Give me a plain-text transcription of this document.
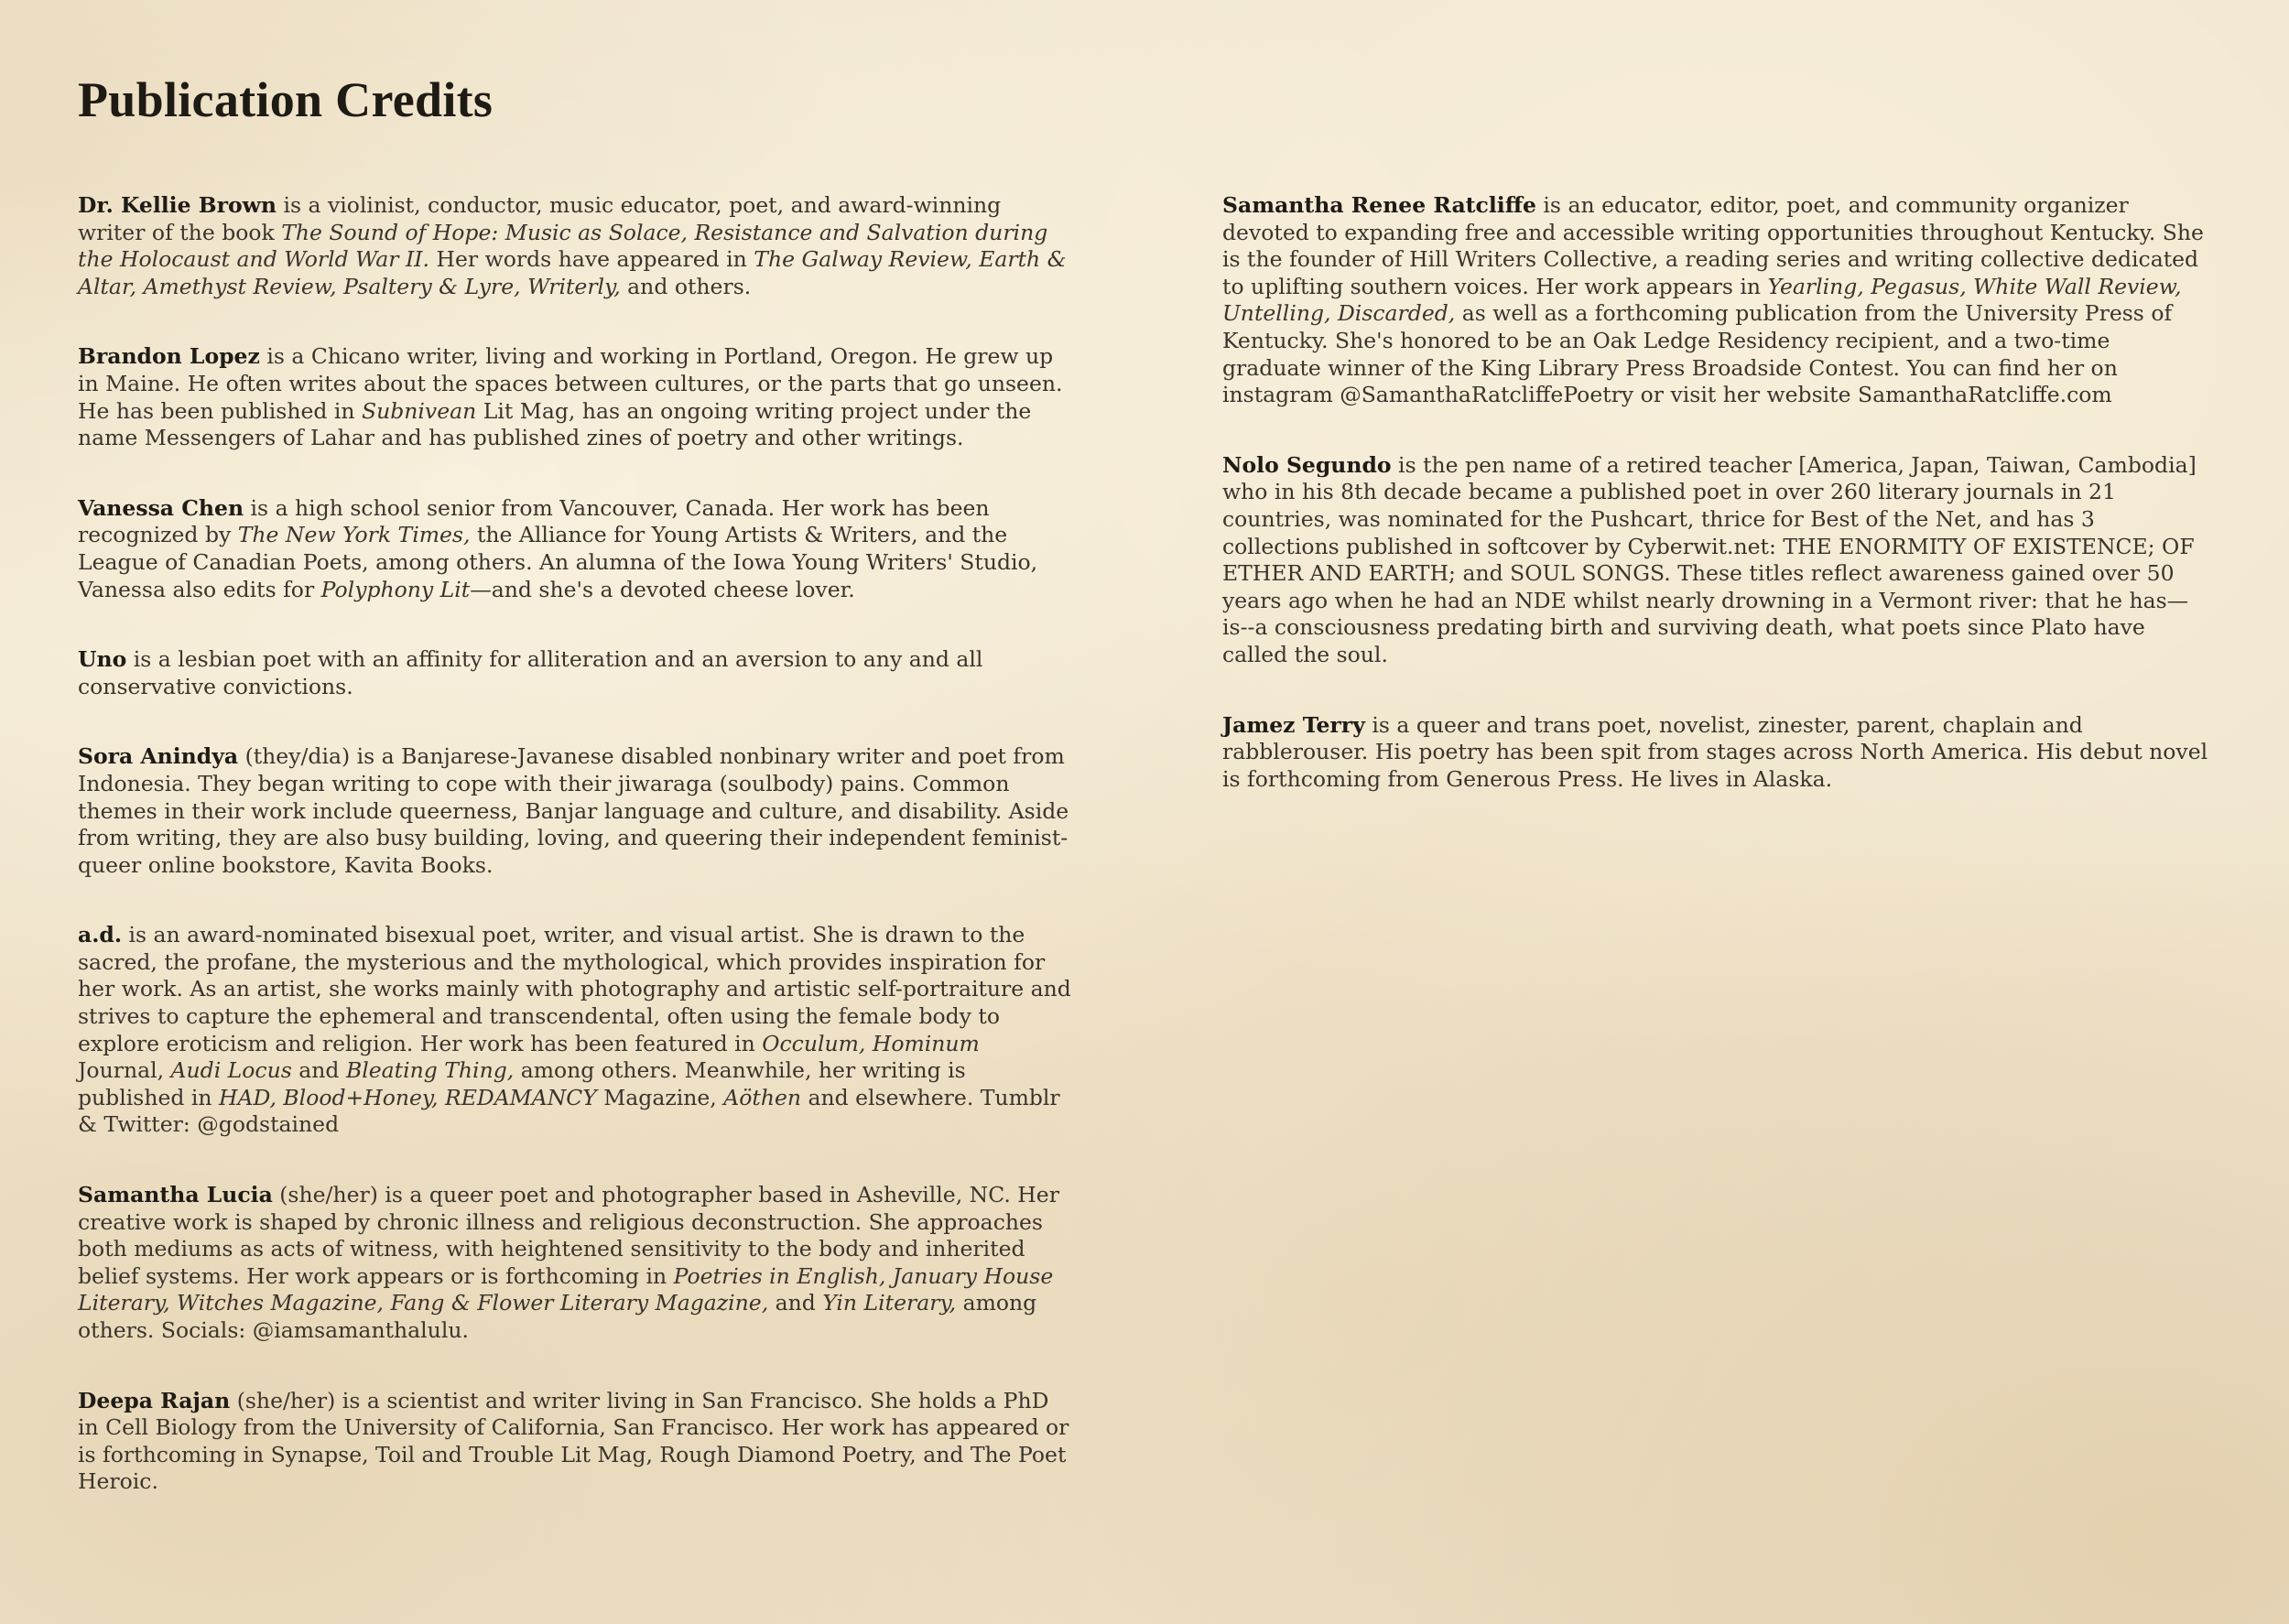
Publication Credits

Dr. Kellie Brown is a violinist, conductor, music educator, poet, and award-winning writer of the book The Sound of Hope: Music as Solace, Resistance and Salvation during the Holocaust and World War II. Her words have appeared in The Galway Review, Earth & Altar, Amethyst Review, Psaltery & Lyre, Writerly, and others.

Brandon Lopez is a Chicano writer, living and working in Portland, Oregon. He grew up in Maine. He often writes about the spaces between cultures, or the parts that go unseen. He has been published in Subnivean Lit Mag, has an ongoing writing project under the name Messengers of Lahar and has published zines of poetry and other writings.

Vanessa Chen is a high school senior from Vancouver, Canada. Her work has been recognized by The New York Times, the Alliance for Young Artists & Writers, and the League of Canadian Poets, among others. An alumna of the Iowa Young Writers' Studio, Vanessa also edits for Polyphony Lit—and she's a devoted cheese lover.

Uno is a lesbian poet with an affinity for alliteration and an aversion to any and all conservative convictions.

Sora Anindya (they/dia) is a Banjarese-Javanese disabled nonbinary writer and poet from Indonesia. They began writing to cope with their jiwaraga (soulbody) pains. Common themes in their work include queerness, Banjar language and culture, and disability. Aside from writing, they are also busy building, loving, and queering their independent feminist-queer online bookstore, Kavita Books.

a.d. is an award-nominated bisexual poet, writer, and visual artist. She is drawn to the sacred, the profane, the mysterious and the mythological, which provides inspiration for her work. As an artist, she works mainly with photography and artistic self-portraiture and strives to capture the ephemeral and transcendental, often using the female body to explore eroticism and religion. Her work has been featured in Occulum, Hominum Journal, Audi Locus and Bleating Thing, among others. Meanwhile, her writing is published in HAD, Blood+Honey, REDAMANCY Magazine, Aöthen and elsewhere. Tumblr & Twitter: @godstained

Samantha Lucia (she/her) is a queer poet and photographer based in Asheville, NC. Her creative work is shaped by chronic illness and religious deconstruction. She approaches both mediums as acts of witness, with heightened sensitivity to the body and inherited belief systems. Her work appears or is forthcoming in Poetries in English, January House Literary, Witches Magazine, Fang & Flower Literary Magazine, and Yin Literary, among others. Socials: @iamsamanthalulu.

Deepa Rajan (she/her) is a scientist and writer living in San Francisco. She holds a PhD in Cell Biology from the University of California, San Francisco. Her work has appeared or is forthcoming in Synapse, Toil and Trouble Lit Mag, Rough Diamond Poetry, and The Poet Heroic.

Samantha Renee Ratcliffe is an educator, editor, poet, and community organizer devoted to expanding free and accessible writing opportunities throughout Kentucky. She is the founder of Hill Writers Collective, a reading series and writing collective dedicated to uplifting southern voices. Her work appears in Yearling, Pegasus, White Wall Review, Untelling, Discarded, as well as a forthcoming publication from the University Press of Kentucky. She's honored to be an Oak Ledge Residency recipient, and a two-time graduate winner of the King Library Press Broadside Contest. You can find her on instagram @SamanthaRatcliffePoetry or visit her website SamanthaRatcliffe.com

Nolo Segundo is the pen name of a retired teacher [America, Japan, Taiwan, Cambodia] who in his 8th decade became a published poet in over 260 literary journals in 21 countries, was nominated for the Pushcart, thrice for Best of the Net, and has 3 collections published in softcover by Cyberwit.net: THE ENORMITY OF EXISTENCE; OF ETHER AND EARTH; and SOUL SONGS. These titles reflect awareness gained over 50 years ago when he had an NDE whilst nearly drowning in a Vermont river: that he has—is--a consciousness predating birth and surviving death, what poets since Plato have called the soul.

Jamez Terry is a queer and trans poet, novelist, zinester, parent, chaplain and rabblerouser. His poetry has been spit from stages across North America. His debut novel is forthcoming from Generous Press. He lives in Alaska.
